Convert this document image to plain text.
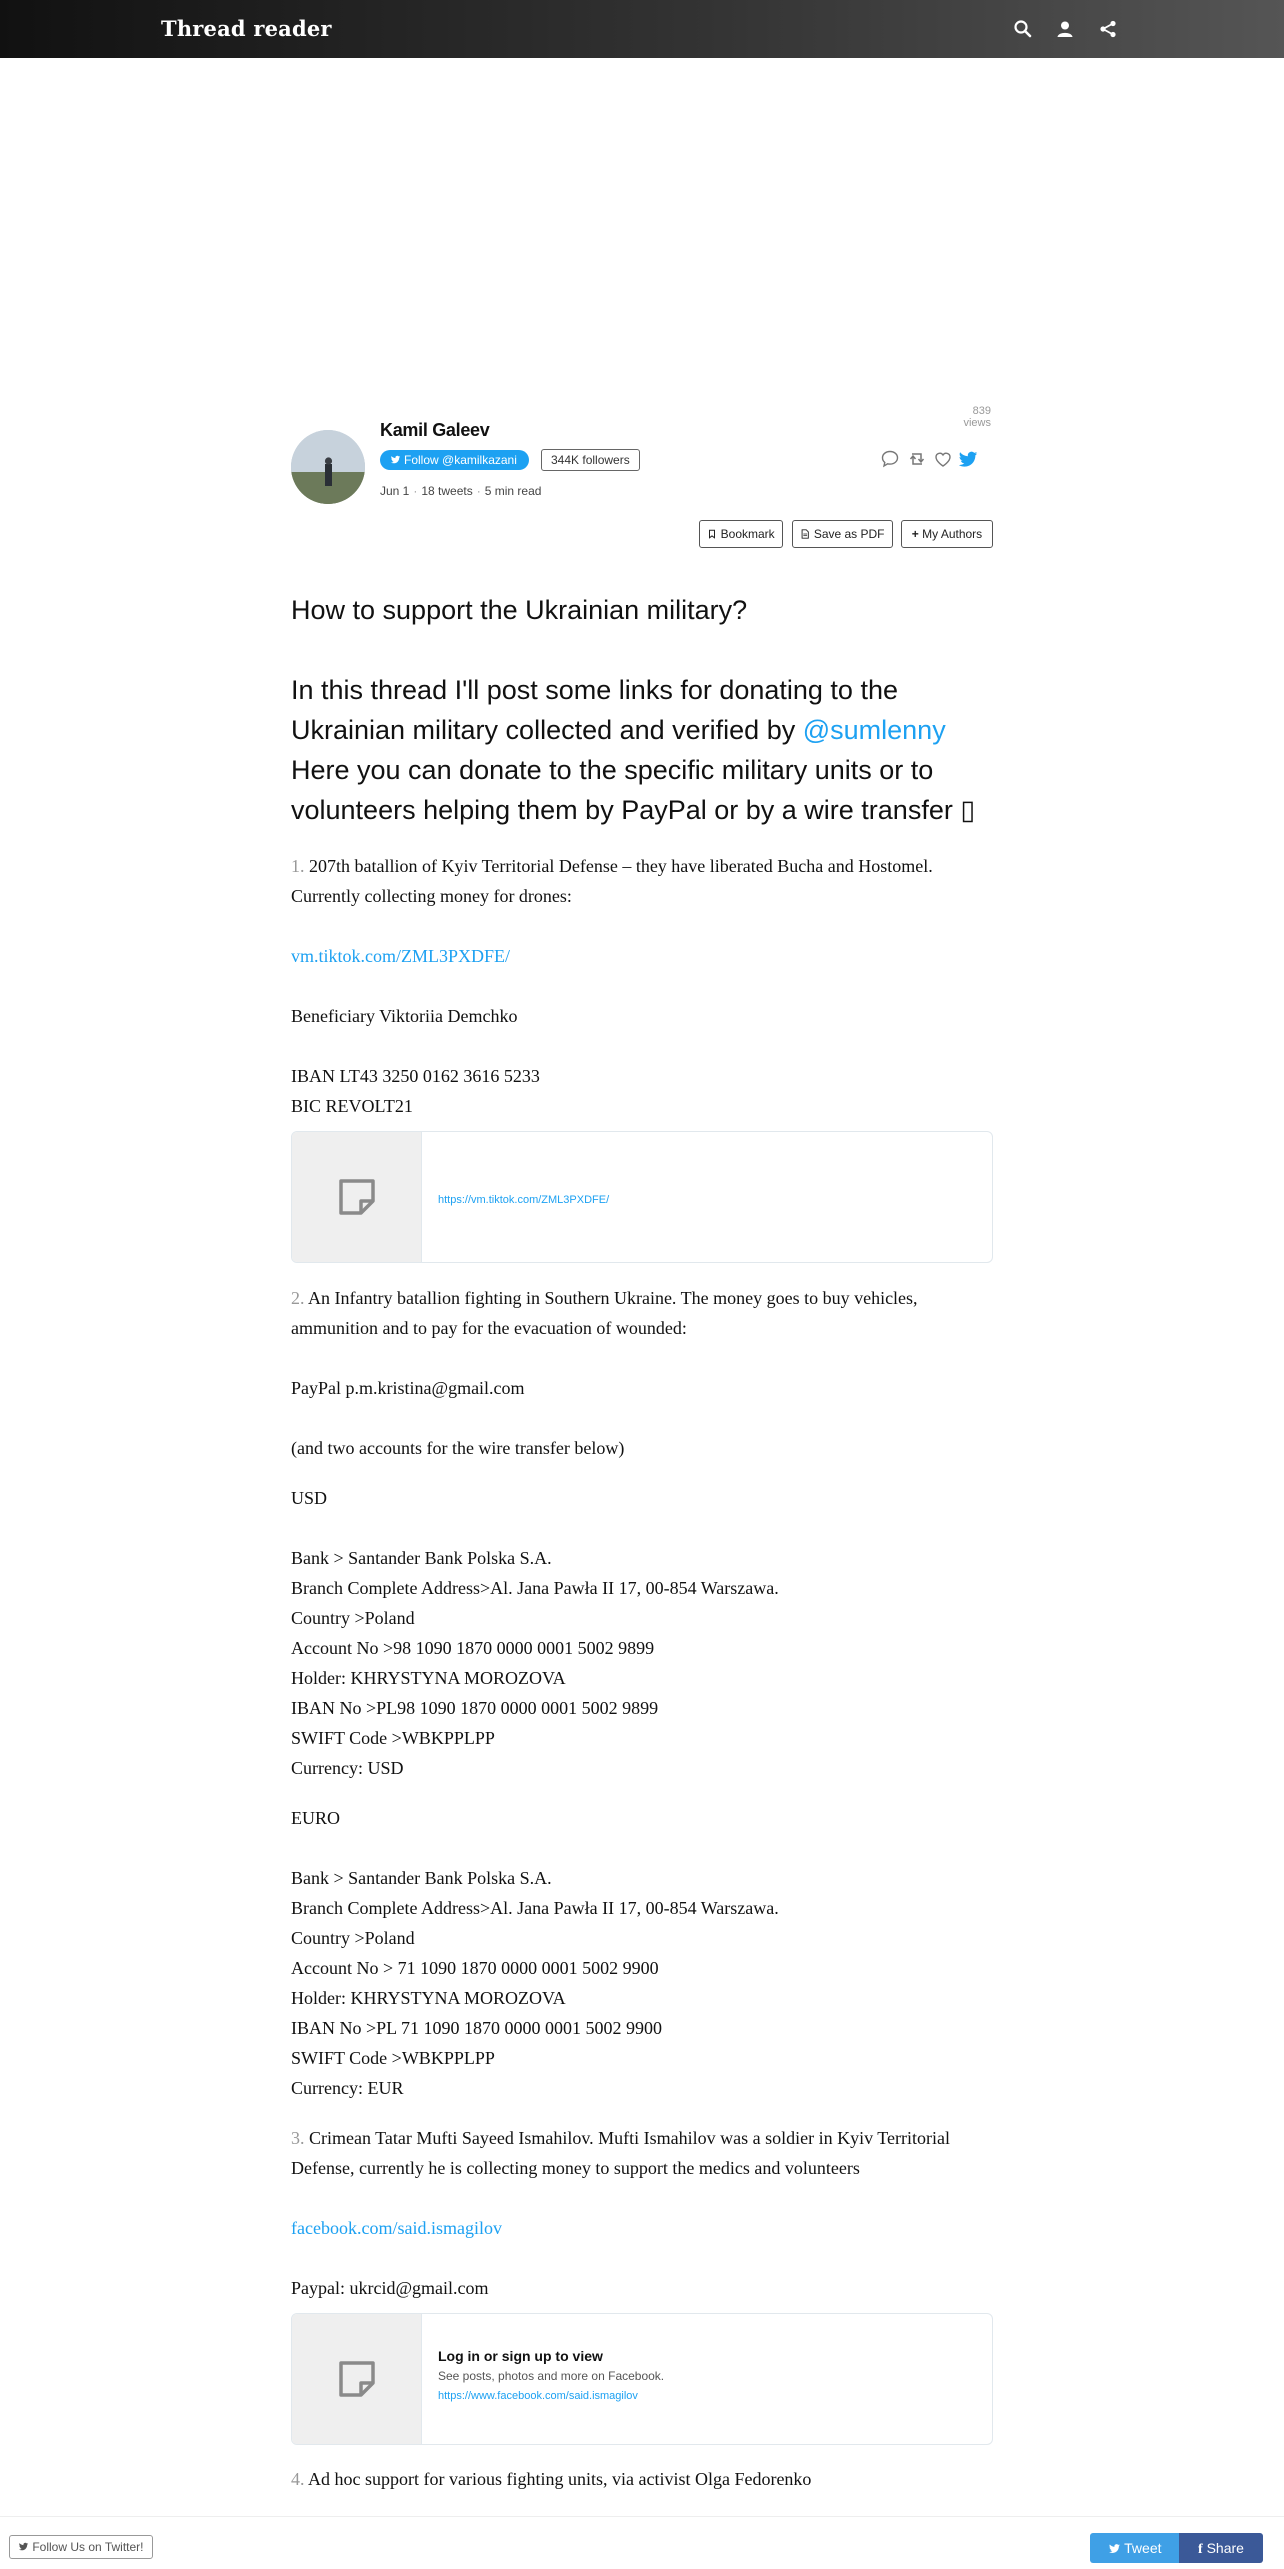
Thread reader
839 views
Kamil Galeev
Follow @kamilkazani	344K followers
Jun 1 · 18 tweets · 5 min read
Bookmark	Save as PDF	+ My Authors
How to support the Ukrainian military?
In this thread I'll post some links for donating to the Ukrainian military collected and verified by @sumlenny
Here you can donate to the specific military units or to volunteers helping them by PayPal or by a wire transfer ▯
1. 207th batallion of Kyiv Territorial Defense – they have liberated Bucha and Hostomel. Currently collecting money for drones:
vm.tiktok.com/ZML3PXDFE/
Beneficiary Viktoriia Demchko
IBAN LT43 3250 0162 3616 5233
BIC REVOLT21
https://vm.tiktok.com/ZML3PXDFE/
2. An Infantry batallion fighting in Southern Ukraine. The money goes to buy vehicles, ammunition and to pay for the evacuation of wounded:
PayPal p.m.kristina@gmail.com
(and two accounts for the wire transfer below)
USD
Bank > Santander Bank Polska S.A.
Branch Complete Address>Al. Jana Pawła II 17, 00-854 Warszawa.
Country >Poland
Account No >98 1090 1870 0000 0001 5002 9899
Holder: KHRYSTYNA MOROZOVA
IBAN No >PL98 1090 1870 0000 0001 5002 9899
SWIFT Code >WBKPPLPP
Currency: USD
EURO
Bank > Santander Bank Polska S.A.
Branch Complete Address>Al. Jana Pawła II 17, 00-854 Warszawa.
Country >Poland
Account No > 71 1090 1870 0000 0001 5002 9900
Holder: KHRYSTYNA MOROZOVA
IBAN No >PL 71 1090 1870 0000 0001 5002 9900
SWIFT Code >WBKPPLPP
Currency: EUR
3. Crimean Tatar Mufti Sayeed Ismahilov. Mufti Ismahilov was a soldier in Kyiv Territorial Defense, currently he is collecting money to support the medics and volunteers
facebook.com/said.ismagilov
Paypal: ukrcid@gmail.com
Log in or sign up to view
See posts, photos and more on Facebook.
https://www.facebook.com/said.ismagilov
4. Ad hoc support for various fighting units, via activist Olga Fedorenko
Follow Us on Twitter!	Tweet	f Share
